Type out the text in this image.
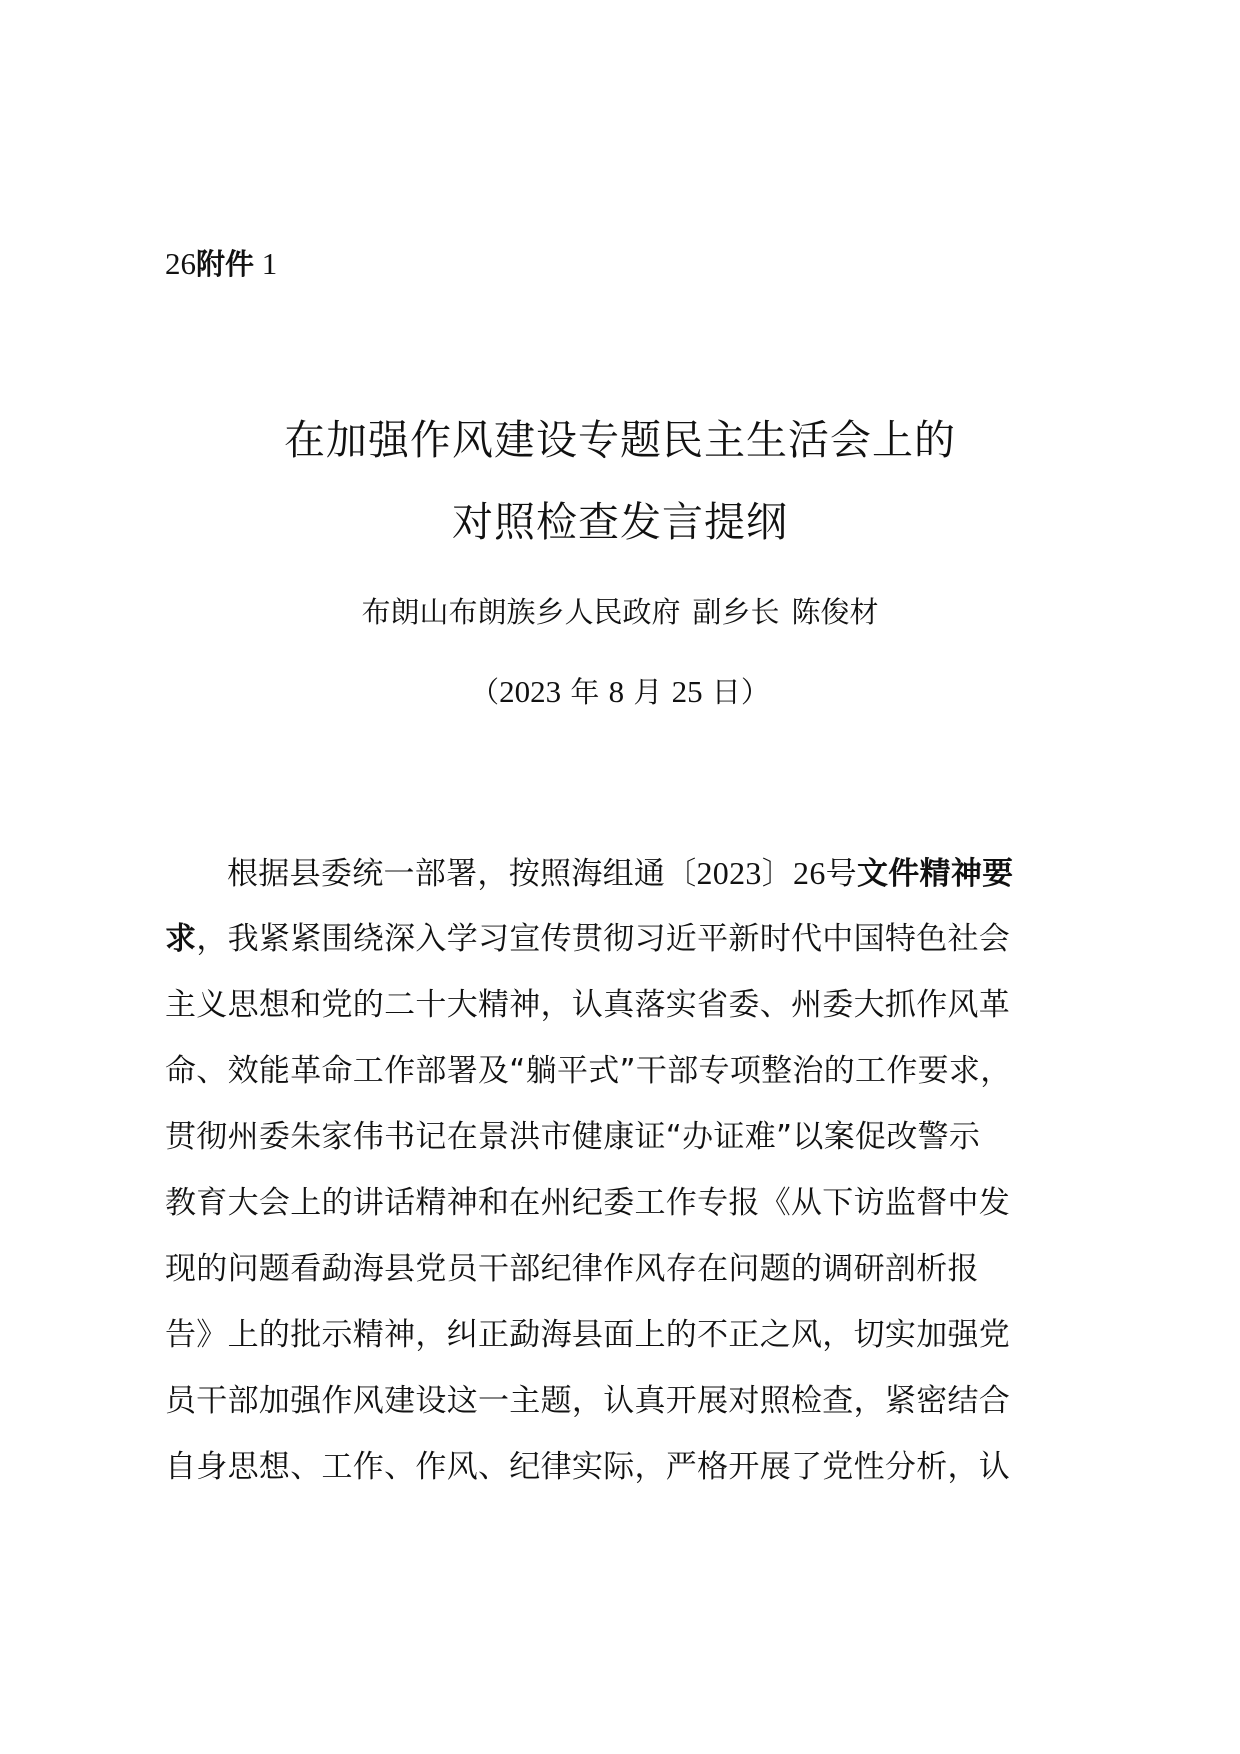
26附件 1
在加强作风建设专题民主生活会上的
对照检查发言提纲
布朗山布朗族乡人民政府 副乡长 陈俊材
（2023 年 8 月 25 日）
根据县委统一部署，按照海组通〔2023〕26号文件精神要
求，我紧紧围绕深入学习宣传贯彻习近平新时代中国特色社会
主义思想和党的二十大精神，认真落实省委、州委大抓作风革
命、效能革命工作部署及“躺平式”干部专项整治的工作要求，
贯彻州委朱家伟书记在景洪市健康证“办证难”以案促改警示
教育大会上的讲话精神和在州纪委工作专报《从下访监督中发
现的问题看勐海县党员干部纪律作风存在问题的调研剖析报
告》上的批示精神，纠正勐海县面上的不正之风，切实加强党
员干部加强作风建设这一主题，认真开展对照检查，紧密结合
自身思想、工作、作风、纪律实际，严格开展了党性分析，认
